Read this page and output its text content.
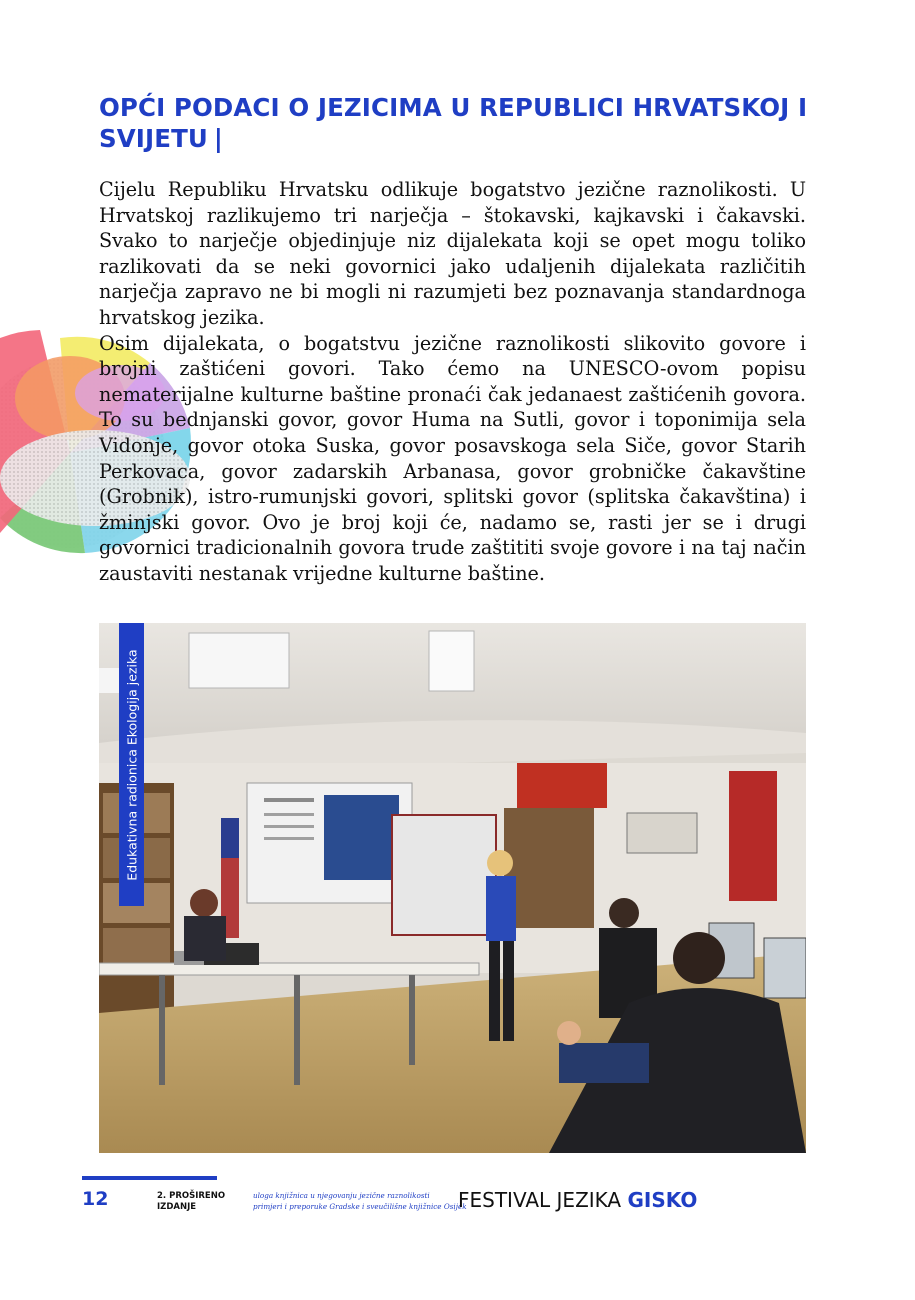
OPĆI PODACI O JEZICIMA U REPUBLICI HRVATSKOJ I SVIJETU |

Cijelu Republiku Hrvatsku odlikuje bogatstvo jezične raznolikosti. U Hrvatskoj razlikujemo tri narječja – štokavski, kajkavski i čakavski. Svako to narječje objedinjuje niz dijalekata koji se opet mogu toliko razlikovati da se neki govornici jako udaljenih dijalekata različitih narječja zapravo ne bi mogli ni razumjeti bez poznavanja standardnoga hrvatskog jezika.

Osim dijalekata, o bogatstvu jezične raznolikosti slikovito govore i brojni zaštićeni govori. Tako ćemo na UNESCO-ovom popisu nematerijalne kulturne baštine pronaći čak jedanaest zaštićenih govora. To su bednjanski govor, govor Huma na Sutli, govor i toponimija sela Vidonje, govor otoka Suska, govor posavskoga sela Siče, govor Starih Perkovaca, govor zadarskih Arbanasa, govor grobničke čakavštine (Grobnik), istro-rumunjski govori, splitski govor (splitska čakavština) i žminjski govor. Ovo je broj koji će, nadamo se, rasti jer se i drugi govornici tradicionalnih govora trude zaštititi svoje govore i na taj način zaustaviti nestanak vrijedne kulturne baštine.

Edukativna radionica Ekologija jezika
12	2. PROŠIRENO
IZDANJE
uloga knjižnica u njegovanju jezične raznolikosti
primjeri i preporuke Gradske i sveučilišne knjižnice Osijek
FESTIVAL JEZIKA GISKO
